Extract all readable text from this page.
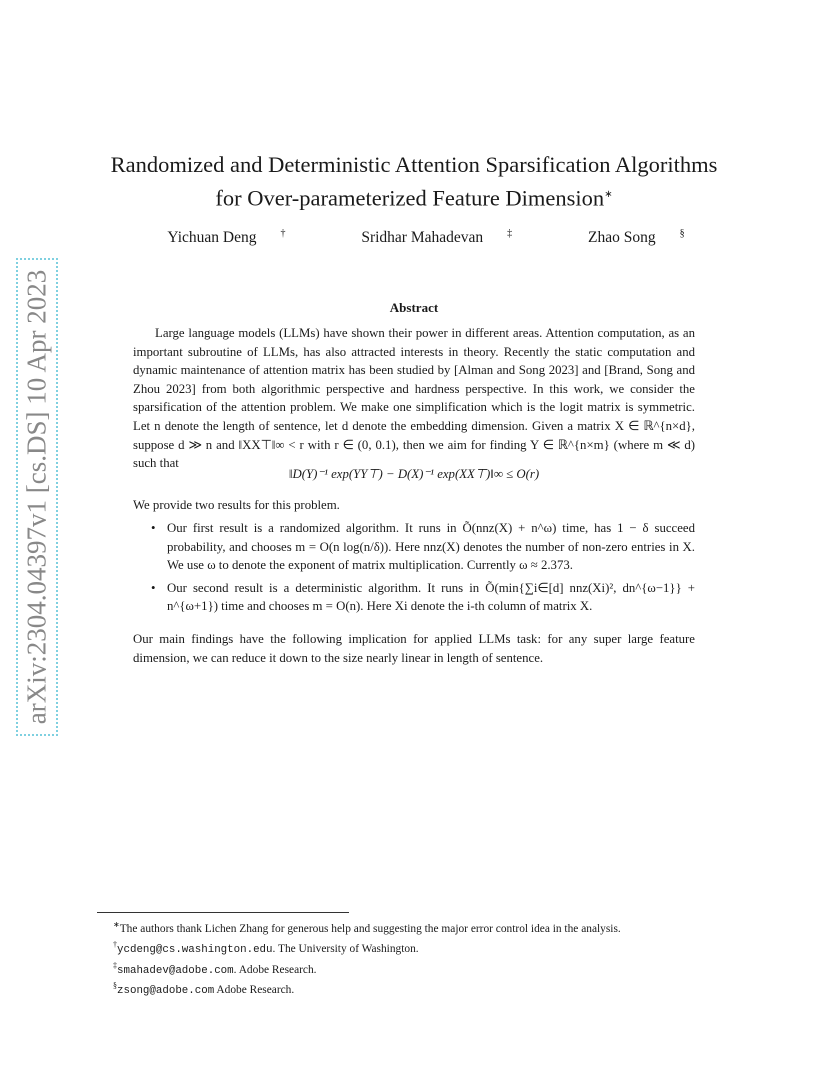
arXiv:2304.04397v1 [cs.DS] 10 Apr 2023
Randomized and Deterministic Attention Sparsification Algorithms
for Over-parameterized Feature Dimension∗
Yichuan Deng †	Sridhar Mahadevan ‡	Zhao Song §
Abstract
Large language models (LLMs) have shown their power in different areas. Attention computation, as an important subroutine of LLMs, has also attracted interests in theory. Recently the static computation and dynamic maintenance of attention matrix has been studied by [Alman and Song 2023] and [Brand, Song and Zhou 2023] from both algorithmic perspective and hardness perspective. In this work, we consider the sparsification of the attention problem. We make one simplification which is the logit matrix is symmetric. Let n denote the length of sentence, let d denote the embedding dimension. Given a matrix X ∈ ℝ^{n×d}, suppose d ≫ n and ‖XX⊤‖∞ < r with r ∈ (0, 0.1), then we aim for finding Y ∈ ℝ^{n×m} (where m ≪ d) such that
‖D(Y)⁻¹ exp(YY⊤) − D(X)⁻¹ exp(XX⊤)‖∞ ≤ O(r)
We provide two results for this problem.
• Our first result is a randomized algorithm. It runs in Õ(nnz(X) + n^ω) time, has 1 − δ succeed probability, and chooses m = O(n log(n/δ)). Here nnz(X) denotes the number of non-zero entries in X. We use ω to denote the exponent of matrix multiplication. Currently ω ≈ 2.373.
• Our second result is a deterministic algorithm. It runs in Õ(min{∑i∈[d] nnz(Xi)², dn^{ω−1}} + n^{ω+1}) time and chooses m = O(n). Here Xi denote the i-th column of matrix X.
Our main findings have the following implication for applied LLMs task: for any super large feature dimension, we can reduce it down to the size nearly linear in length of sentence.
∗The authors thank Lichen Zhang for generous help and suggesting the major error control idea in the analysis.
†ycdeng@cs.washington.edu. The University of Washington.
‡smahadev@adobe.com. Adobe Research.
§zsong@adobe.com Adobe Research.
